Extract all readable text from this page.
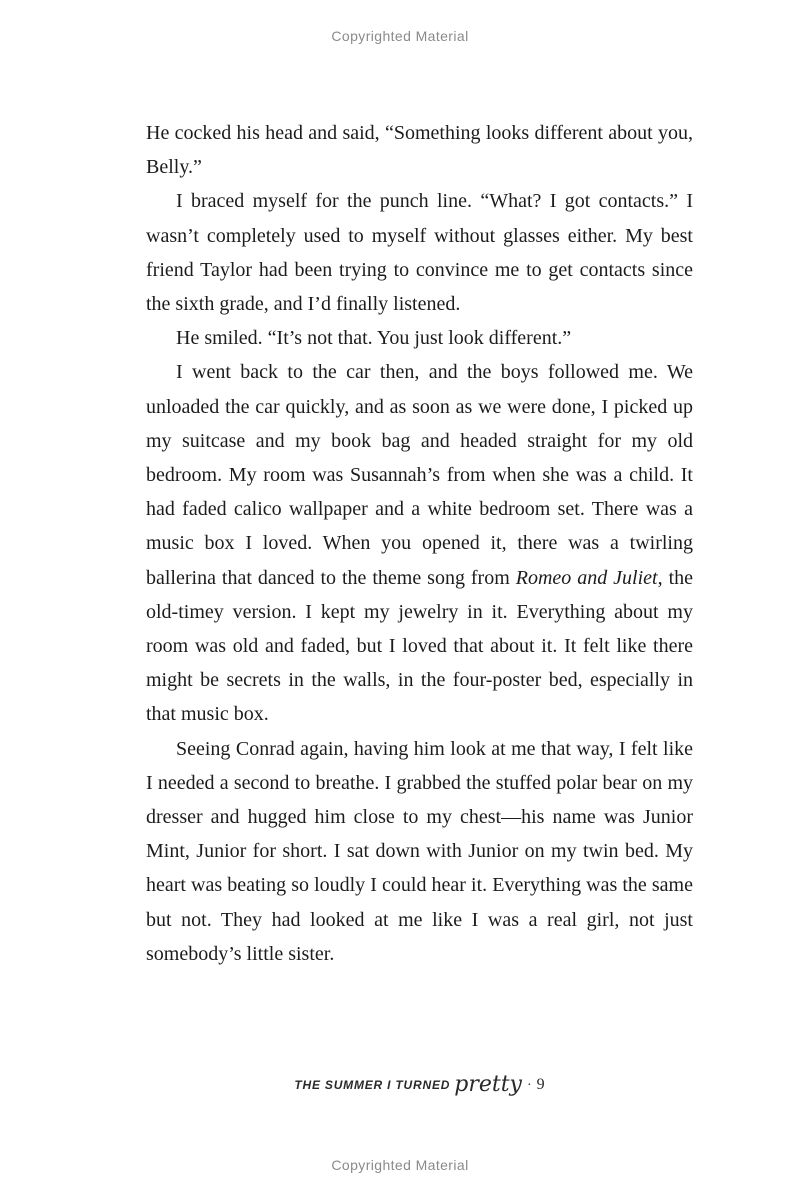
Copyrighted Material

He cocked his head and said, “Something looks different about you, Belly.”

I braced myself for the punch line. “What? I got contacts.” I wasn’t completely used to myself without glasses either. My best friend Taylor had been trying to convince me to get contacts since the sixth grade, and I’d finally listened.

He smiled. “It’s not that. You just look different.”

I went back to the car then, and the boys followed me. We unloaded the car quickly, and as soon as we were done, I picked up my suitcase and my book bag and headed straight for my old bedroom. My room was Susannah’s from when she was a child. It had faded calico wallpaper and a white bedroom set. There was a music box I loved. When you opened it, there was a twirling ballerina that danced to the theme song from Romeo and Juliet, the old-timey version. I kept my jewelry in it. Everything about my room was old and faded, but I loved that about it. It felt like there might be secrets in the walls, in the four-poster bed, especially in that music box.

Seeing Conrad again, having him look at me that way, I felt like I needed a second to breathe. I grabbed the stuffed polar bear on my dresser and hugged him close to my chest—his name was Junior Mint, Junior for short. I sat down with Junior on my twin bed. My heart was beating so loudly I could hear it. Everything was the same but not. They had looked at me like I was a real girl, not just somebody’s little sister.

THE SUMMER I TURNED pretty · 9
Copyrighted Material
